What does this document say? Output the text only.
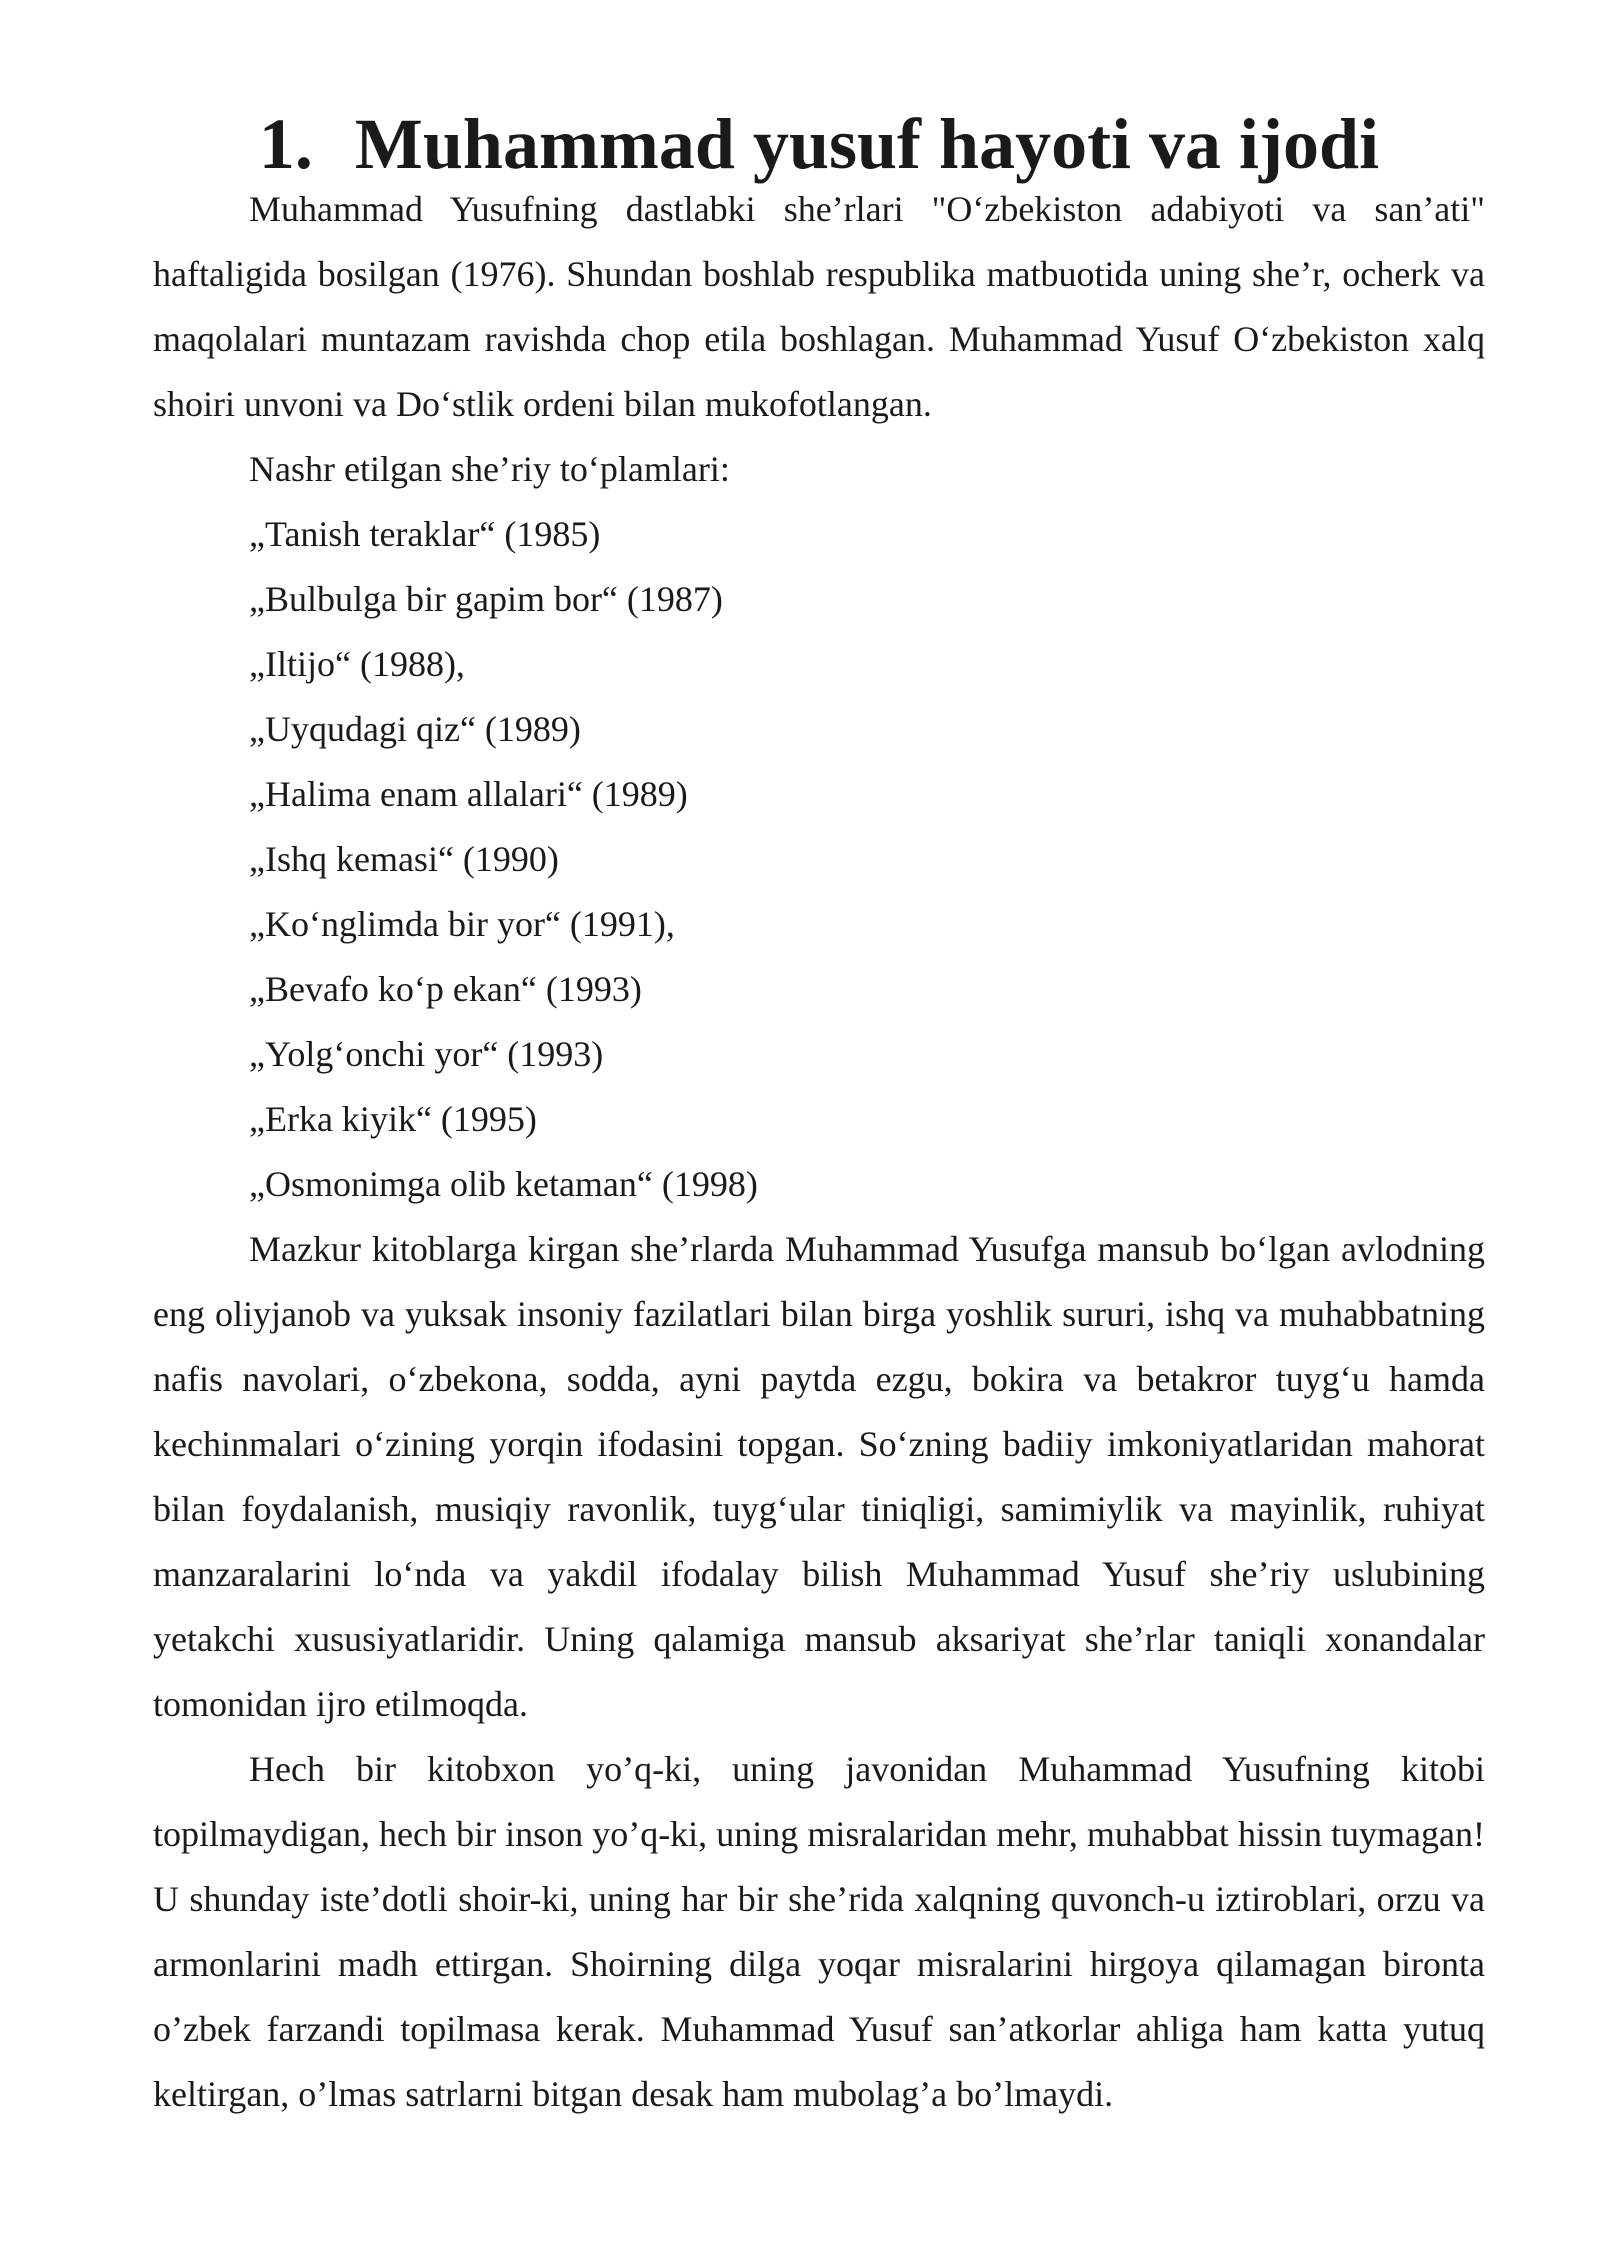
1. Muhammad yusuf hayoti va ijodi

Muhammad Yusufning dastlabki she’rlari "O‘zbekiston adabiyoti va san’ati" haftaligida bosilgan (1976). Shundan boshlab respublika matbuotida uning she’r, ocherk va maqolalari muntazam ravishda chop etila boshlagan. Muhammad Yusuf O‘zbekiston xalq shoiri unvoni va Do‘stlik ordeni bilan mukofotlangan.

Nashr etilgan she’riy to‘plamlari:

„Tanish teraklar“ (1985)
„Bulbulga bir gapim bor“ (1987)
„Iltijo“ (1988),
„Uyqudagi qiz“ (1989)
„Halima enam allalari“ (1989)
„Ishq kemasi“ (1990)
„Ko‘nglimda bir yor“ (1991),
„Bevafo ko‘p ekan“ (1993)
„Yolg‘onchi yor“ (1993)
„Erka kiyik“ (1995)
„Osmonimga olib ketaman“ (1998)

Mazkur kitoblarga kirgan she’rlarda Muhammad Yusufga mansub bo‘lgan avlodning eng oliyjanob va yuksak insoniy fazilatlari bilan birga yoshlik sururi, ishq va muhabbatning nafis navolari, o‘zbekona, sodda, ayni paytda ezgu, bokira va betakror tuyg‘u hamda kechinmalari o‘zining yorqin ifodasini topgan. So‘zning badiiy imkoniyatlaridan mahorat bilan foydalanish, musiqiy ravonlik, tuyg‘ular tiniqligi, samimiylik va mayinlik, ruhiyat manzaralarini lo‘nda va yakdil ifodalay bilish Muhammad Yusuf she’riy uslubining yetakchi xususiyatlaridir. Uning qalamiga mansub aksariyat she’rlar taniqli xonandalar tomonidan ijro etilmoqda.

Hech bir kitobxon yo’q-ki, uning javonidan Muhammad Yusufning kitobi topilmaydigan, hech bir inson yo’q-ki, uning misralaridan mehr, muhabbat hissin tuymagan! U shunday iste’dotli shoir-ki, uning har bir she’rida xalqning quvonch-u iztiroblari, orzu va armonlarini madh ettirgan. Shoirning dilga yoqar misralarini hirgoya qilamagan bironta o’zbek farzandi topilmasa kerak. Muhammad Yusuf san’atkorlar ahliga ham katta yutuq keltirgan, o’lmas satrlarni bitgan desak ham mubolag’a bo’lmaydi.
